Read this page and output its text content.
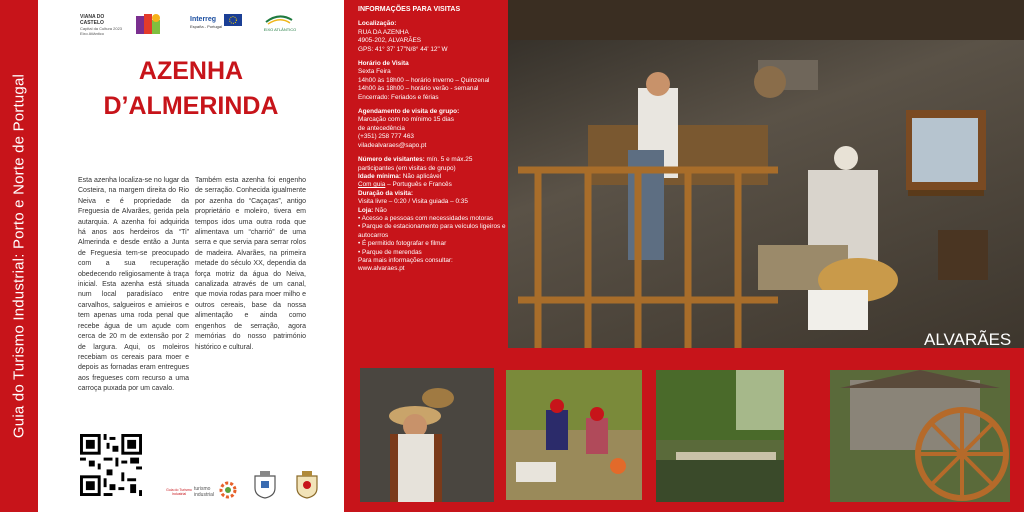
Guia do Turismo Industrial: Porto e Norte de Portugal
VIANA DO CASTELO
Capital da Cultura 2023
Eixo Atlântico
Interreg
España - Portugal
EIXO ATLÂNTICO
AZENHA
D’ALMERINDA
Esta azenha localiza-se no lugar da Costeira, na margem direita do Rio Neiva e é propriedade da Freguesia de Alvarães, gerida pela autarquia. A azenha foi adquirida há anos aos herdeiros da “Ti” Almerinda e desde então a Junta de Freguesia tem-se preocupado com a sua recuperação obedecendo religiosamente à traça inicial. Esta azenha está situada num local paradisíaco entre carvalhos, salgueiros e amieiros e tem apenas uma roda penal que recebe água de um açude com cerca de 20 m de extensão por 2 de largura. Aqui, os moleiros recebiam os cereais para moer e depois as fornadas eram entregues aos fregueses com recurso a uma carroça puxada por um cavalo.
Também esta azenha foi engenho de serração. Conhecida igualmente por azenha do “Caçaças”, antigo proprietário e moleiro, tivera em tempos idos uma outra roda que alimentava um “charrió” de uma serra e que servia para serrar rolos de madeira. Alvarães, na primeira metade do século XX, dependia da força motriz da água do Neiva, canalizada através de um canal, que movia rodas para moer milho e outros cereais, base da nossa alimentação e ainda como engenhos de serração, agora memórias do nosso património histórico e cultural.
Guia do Turismo Industrial
turismo industrial
INFORMAÇÕES PARA VISITAS
Localização:
RUA DA AZENHA
4905-202, ALVARÃES
GPS: 41° 37' 17"N/8° 44' 12" W
Horário de Visita
Sexta Feira
14h00 às 18h00 – horário inverno – Quinzenal
14h00 às 18h00 – horário verão - semanal
Encerrado: Feriados e férias
Agendamento de visita de grupo:
Marcação com no mínimo 15 dias
de antecedência
(+351) 258 777 463
viladealvaraes@sapo.pt
Número de visitantes: mín. 5 e máx.25 participantes (em visitas de grupo)
Idade mínima: Não aplicável
Com guia – Português e Francês
Duração da visita:
Visita livre – 0:20 / Visita guiada – 0:35
Loja: Não
• Acesso a pessoas com necessidades motoras
• Parque de estacionamento para veículos ligeiros e autocarros
• É permitido fotografar e filmar
• Parque de merendas
Para mais informações consultar:
www.alvaraes.pt
ALVARÃES
